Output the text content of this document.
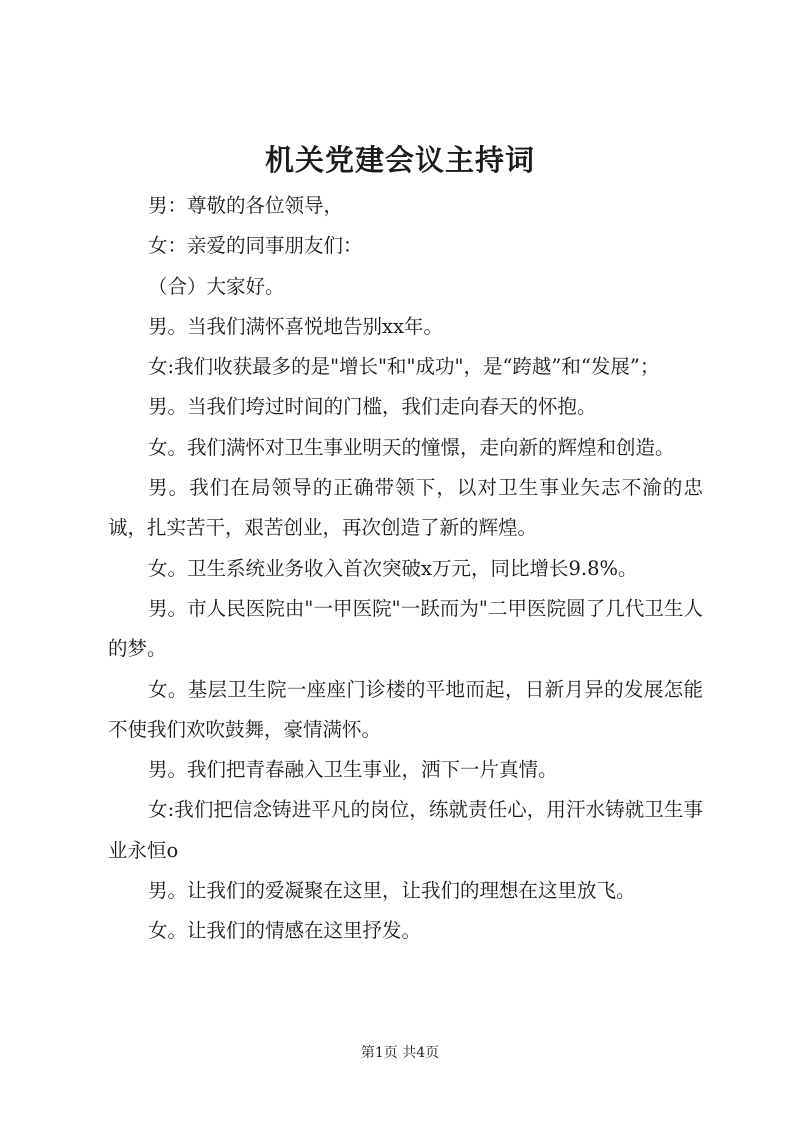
机关党建会议主持词

男：尊敬的各位领导，

女：亲爱的同事朋友们：

（合）大家好。

男。当我们满怀喜悦地告别xx年。

女:我们收获最多的是"增长"和"成功"，是“跨越”和“发展”；

男。当我们垮过时间的门槛，我们走向春天的怀抱。

女。我们满怀对卫生事业明天的憧憬，走向新的辉煌和创造。

男。我们在局领导的正确带领下，以对卫生事业矢志不渝的忠诚，扎实苦干，艰苦创业，再次创造了新的辉煌。

女。卫生系统业务收入首次突破x万元，同比增长9.8%。

男。市人民医院由"一甲医院"一跃而为"二甲医院圆了几代卫生人的梦。

女。基层卫生院一座座门诊楼的平地而起，日新月异的发展怎能不使我们欢吹鼓舞，豪情满怀。

男。我们把青春融入卫生事业，洒下一片真情。

女:我们把信念铸进平凡的岗位，练就责任心，用汗水铸就卫生事业永恒o

男。让我们的爱凝聚在这里，让我们的理想在这里放飞。

女。让我们的情感在这里抒发。

第1页 共4页
